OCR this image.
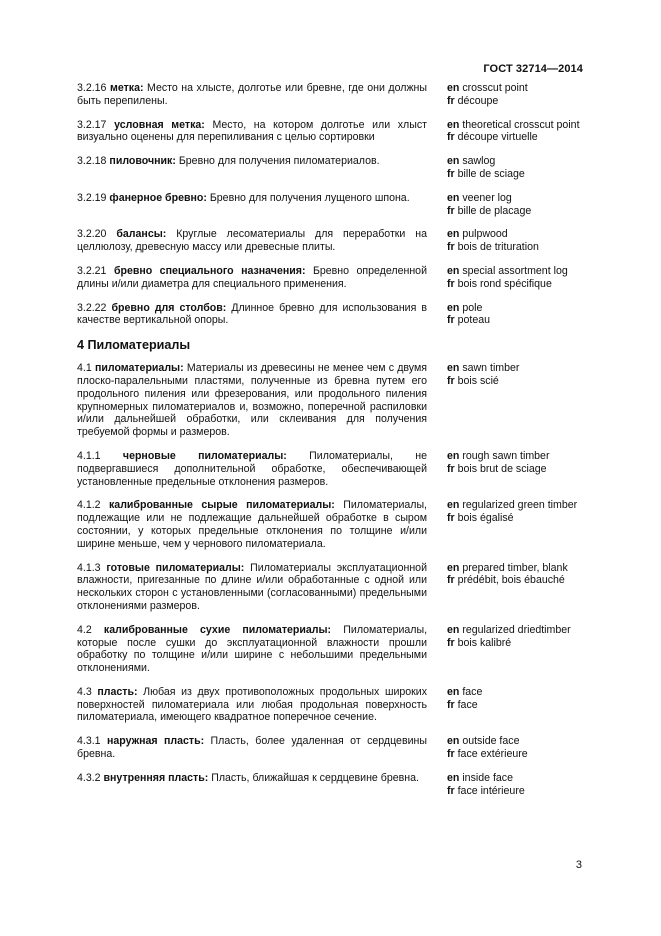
ГОСТ 32714—2014
3.2.16 метка: Место на хлысте, долготье или бревне, где они должны быть перепилены.
en crosscut point
fr découpe
3.2.17 условная метка: Место, на котором долготье или хлыст визуально оценены для перепиливания с целью сортировки
en theoretical crosscut point
fr découpe virtuelle
3.2.18 пиловочник: Бревно для получения пиломатериалов.	en sawlog
fr bille de sciage
3.2.19 фанерное бревно: Бревно для получения лущеного шпона.	en veener log
fr bille de placage
3.2.20 балансы: Круглые лесоматериалы для переработки на целлюлозу, древесную массу или древесные плиты.
en pulpwood
fr bois de trituration
3.2.21 бревно специального назначения: Бревно определенной длины и/или диаметра для специального применения.
en special assortment log
fr bois rond spécifique
3.2.22 бревно для столбов: Длинное бревно для использования в качестве вертикальной опоры.
en pole
fr poteau
4 Пиломатериалы
4.1 пиломатериалы: Материалы из древесины не менее чем с двумя плоско-паралельными пластями, полученные из бревна путем его продольного пиления или фрезерования, или продольного пиления крупномерных пиломатериалов и, возможно, поперечной распиловки и/или дальнейшей обработки, или склеивания для получения требуемой формы и размеров.
en sawn timber
fr bois scié
4.1.1 черновые пиломатериалы: Пиломатериалы, не подвергавшиеся дополнительной обработке, обеспечивающей установленные предельные отклонения размеров.
en rough sawn timber
fr bois brut de sciage
4.1.2 калиброванные сырые пиломатериалы: Пиломатериалы, подлежащие или не подлежащие дальнейшей обработке в сыром состоянии, у которых предельные отклонения по толщине и/или ширине меньше, чем у чернового пиломатериала.
en regularized green timber
fr bois égalisé
4.1.3 готовые пиломатериалы: Пиломатериалы эксплуатационной влажности, приrезанные по длине и/или обработанные с одной или нескольких сторон с установленными (согласованными) предельными отклонениями размеров.
en prepared timber, blank
fr prédébit, bois ébauché
4.2 калиброванные сухие пиломатериалы: Пиломатериалы, которые после сушки до эксплуатационной влажности прошли обработку по толщине и/или ширине с небольшими предельными отклонениями.
en regularized driedtimber
fr bois kalibré
4.3 пласть: Любая из двух противоположных продольных широких поверхностей пиломатериала или любая продольная поверхность пиломатериала, имеющего квадратное поперечное сечение.
en face
fr face
4.3.1 наружная пласть: Пласть, более удаленная от сердцевины бревна.
en outside face
fr face extérieure
4.3.2 внутренняя пласть: Пласть, ближайшая к сердцевине бревна.	en inside face
fr face intérieure
3
